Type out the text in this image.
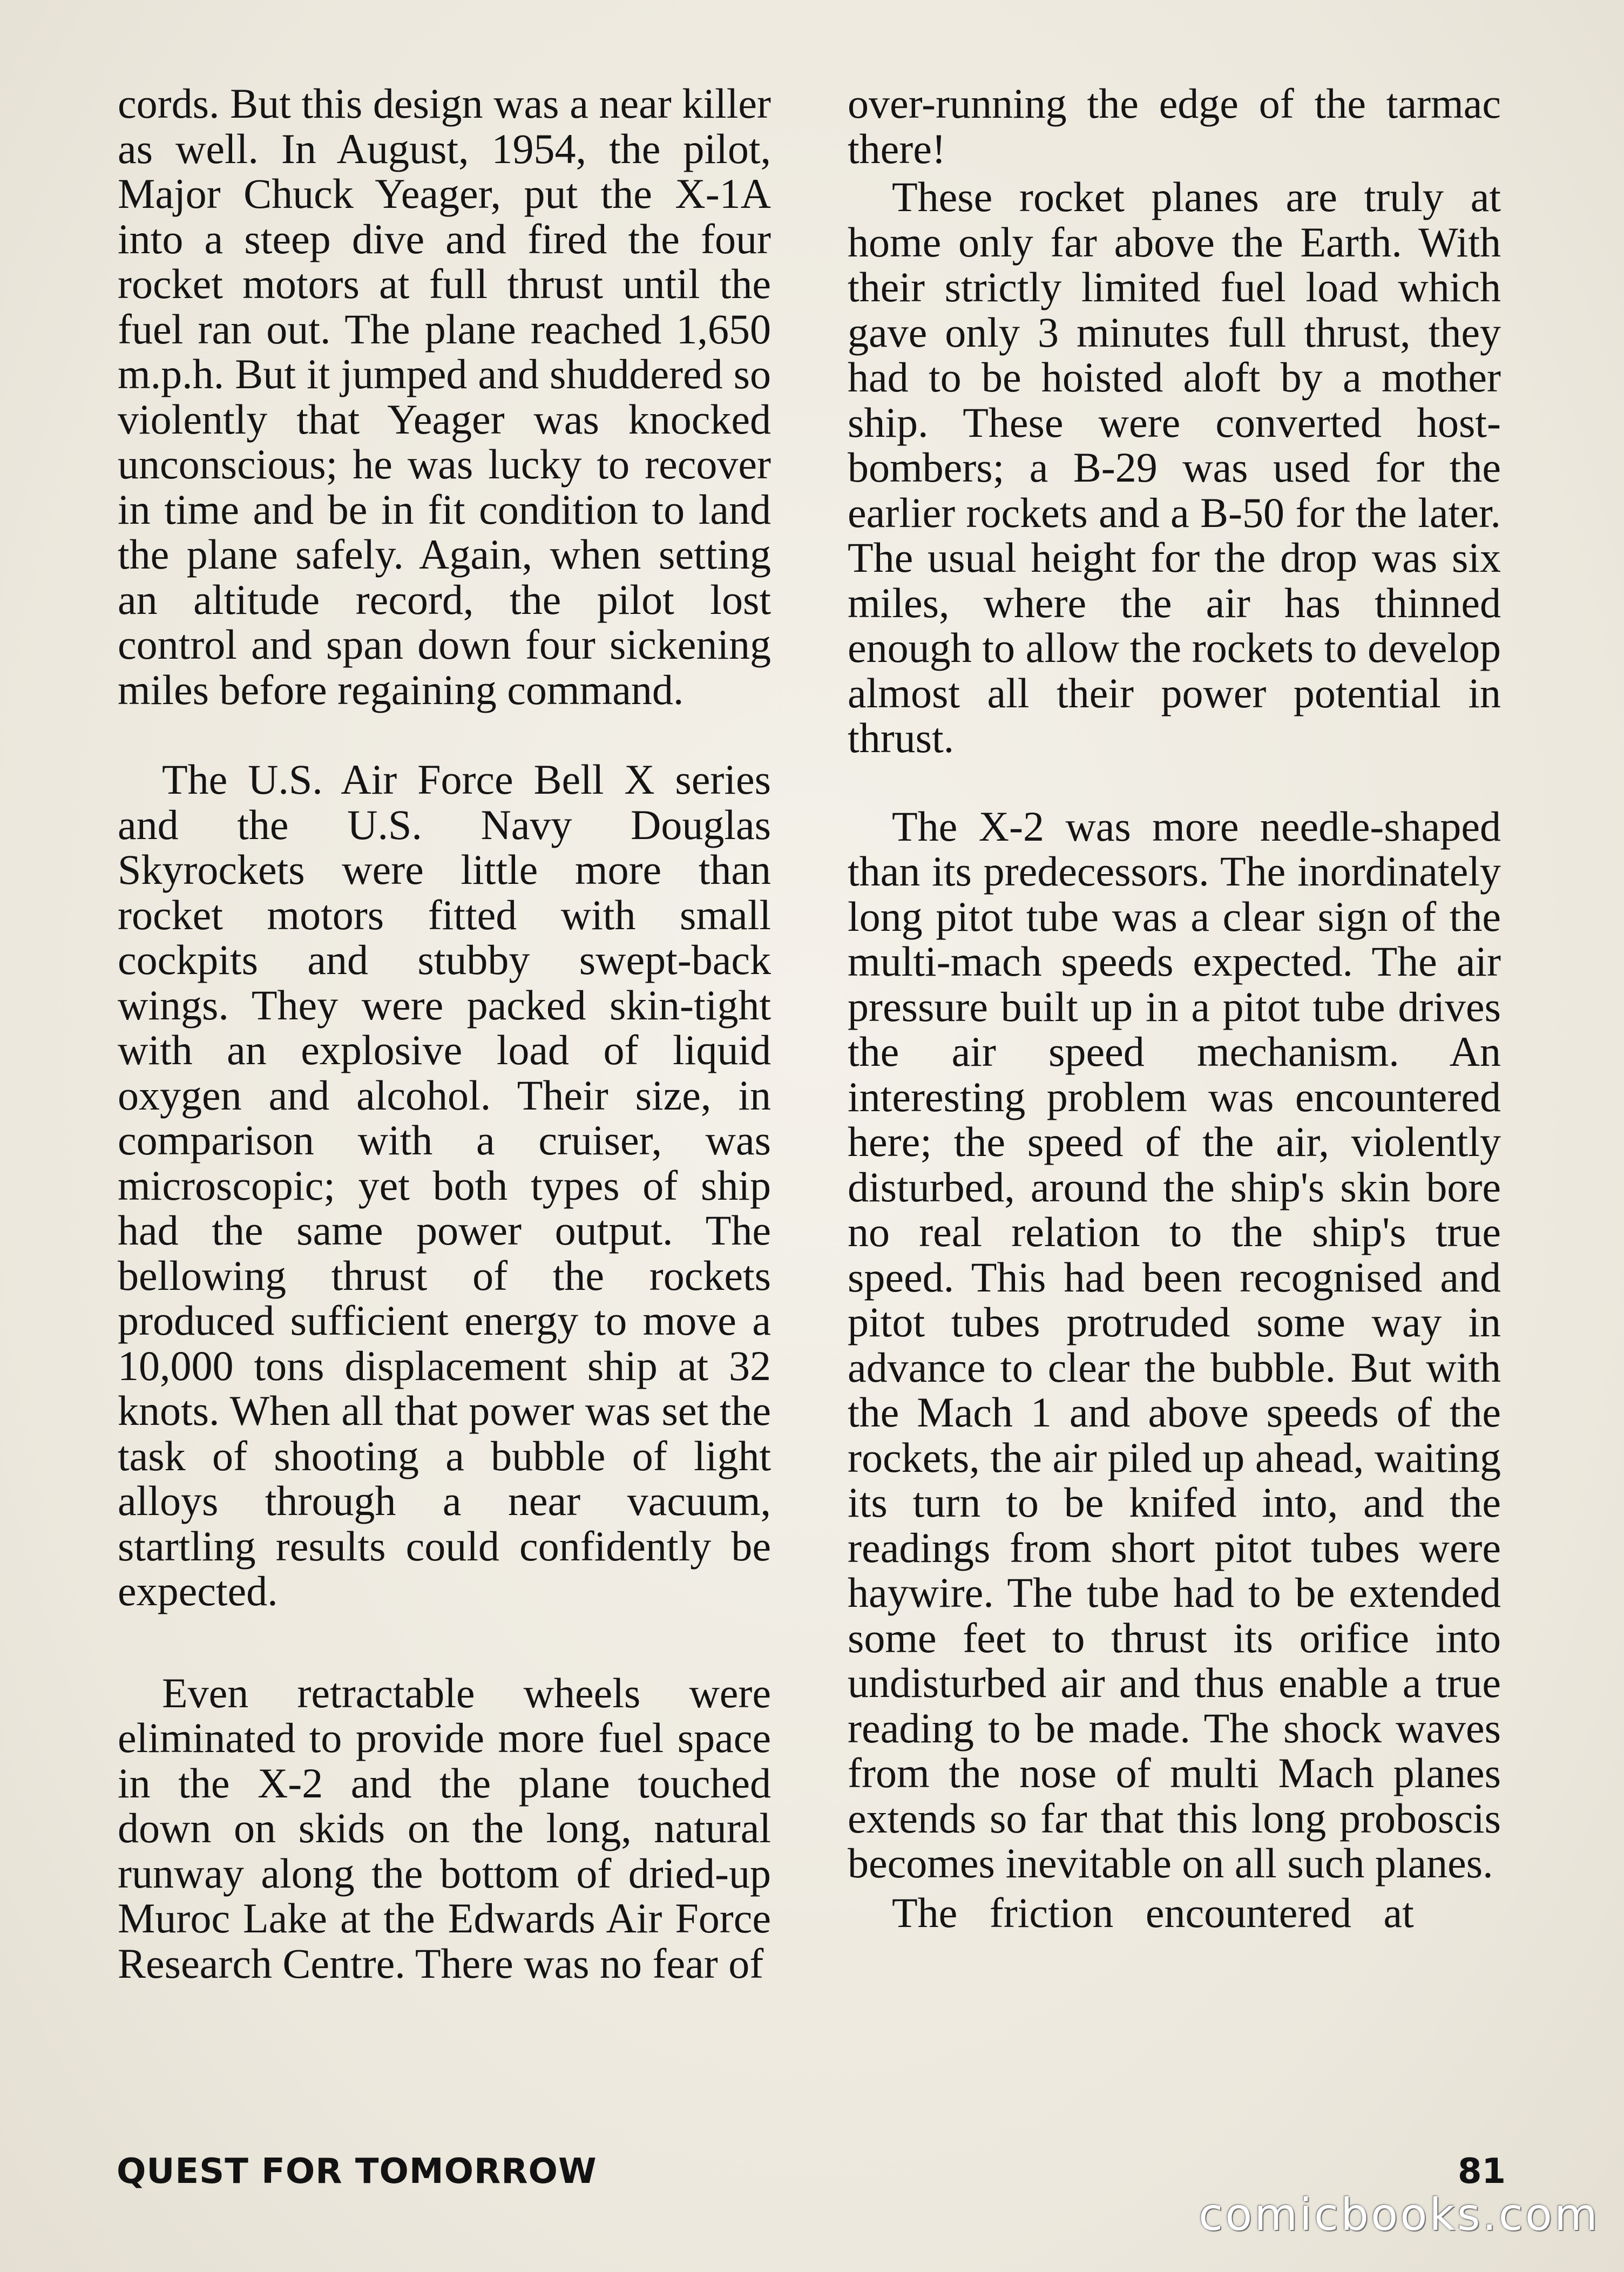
cords. But this design was a near killer as well. In August, 1954, the pilot, Major Chuck Yeager, put the X-1A into a steep dive and fired the four rocket motors at full thrust until the fuel ran out. The plane reached 1,650 m.p.h. But it jumped and shuddered so violently that Yeager was knocked unconscious; he was lucky to recover in time and be in fit condition to land the plane safely. Again, when setting an altitude record, the pilot lost control and span down four sickening miles before regaining command.

The U.S. Air Force Bell X series and the U.S. Navy Douglas Skyrockets were little more than rocket motors fitted with small cockpits and stubby swept-back wings. They were packed skin-tight with an explosive load of liquid oxygen and alcohol. Their size, in comparison with a cruiser, was microscopic; yet both types of ship had the same power output. The bellowing thrust of the rockets produced sufficient energy to move a 10,000 tons displacement ship at 32 knots. When all that power was set the task of shooting a bubble of light alloys through a near vacuum, startling results could confidently be expected.

Even retractable wheels were eliminated to provide more fuel space in the X-2 and the plane touched down on skids on the long, natural runway along the bottom of dried-up Muroc Lake at the Edwards Air Force Research Centre. There was no fear of

over-running the edge of the tarmac there!

These rocket planes are truly at home only far above the Earth. With their strictly limited fuel load which gave only 3 minutes full thrust, they had to be hoisted aloft by a mother ship. These were converted host-bombers; a B-29 was used for the earlier rockets and a B-50 for the later. The usual height for the drop was six miles, where the air has thinned enough to allow the rockets to develop almost all their power potential in thrust.

The X-2 was more needle-shaped than its predecessors. The inordinately long pitot tube was a clear sign of the multi-mach speeds expected. The air pressure built up in a pitot tube drives the air speed mechanism. An interesting problem was encountered here; the speed of the air, violently disturbed, around the ship's skin bore no real relation to the ship's true speed. This had been recognised and pitot tubes protruded some way in advance to clear the bubble. But with the Mach 1 and above speeds of the rockets, the air piled up ahead, waiting its turn to be knifed into, and the readings from short pitot tubes were haywire. The tube had to be extended some feet to thrust its orifice into undisturbed air and thus enable a true reading to be made. The shock waves from the nose of multi Mach planes extends so far that this long proboscis becomes inevitable on all such planes.

The friction encountered at

QUEST FOR TOMORROW	81
comicbooks.com
